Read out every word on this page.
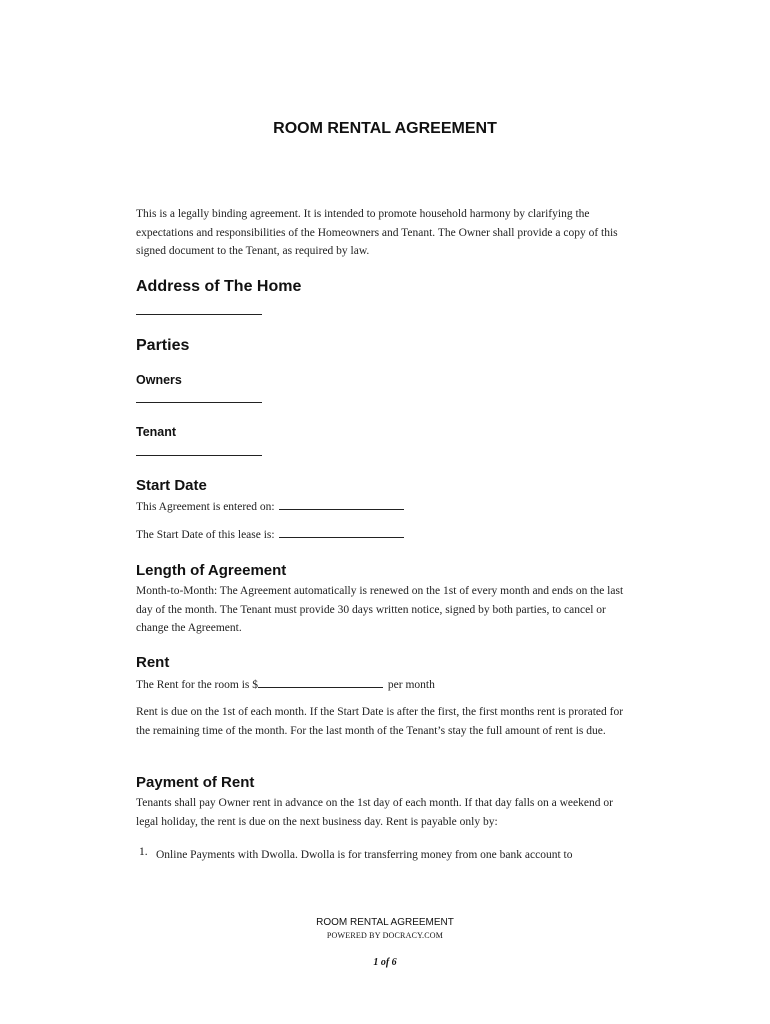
ROOM RENTAL AGREEMENT
This is a legally binding agreement. It is intended to promote household harmony by clarifying the expectations and responsibilities of the Homeowners and Tenant. The Owner shall provide a copy of this signed document to the Tenant, as required by law.
Address of The Home
Parties
Owners
Tenant
Start Date
This Agreement is entered on:
The Start Date of this lease is:
Length of Agreement
Month-to-Month: The Agreement automatically is renewed on the 1st of every month and ends on the last day of the month. The Tenant must provide 30 days written notice, signed by both parties, to cancel or change the Agreement.
Rent
The Rent for the room is $	per month
Rent is due on the 1st of each month. If the Start Date is after the first, the first months rent is prorated for the remaining time of the month. For the last month of the Tenant’s stay the full amount of rent is due.
Payment of Rent
Tenants shall pay Owner rent in advance on the 1st day of each month. If that day falls on a weekend or legal holiday, the rent is due on the next business day. Rent is payable only by:
1. Online Payments with Dwolla. Dwolla is for transferring money from one bank account to
ROOM RENTAL AGREEMENT
POWERED BY DOCRACY.COM
1 of 6
